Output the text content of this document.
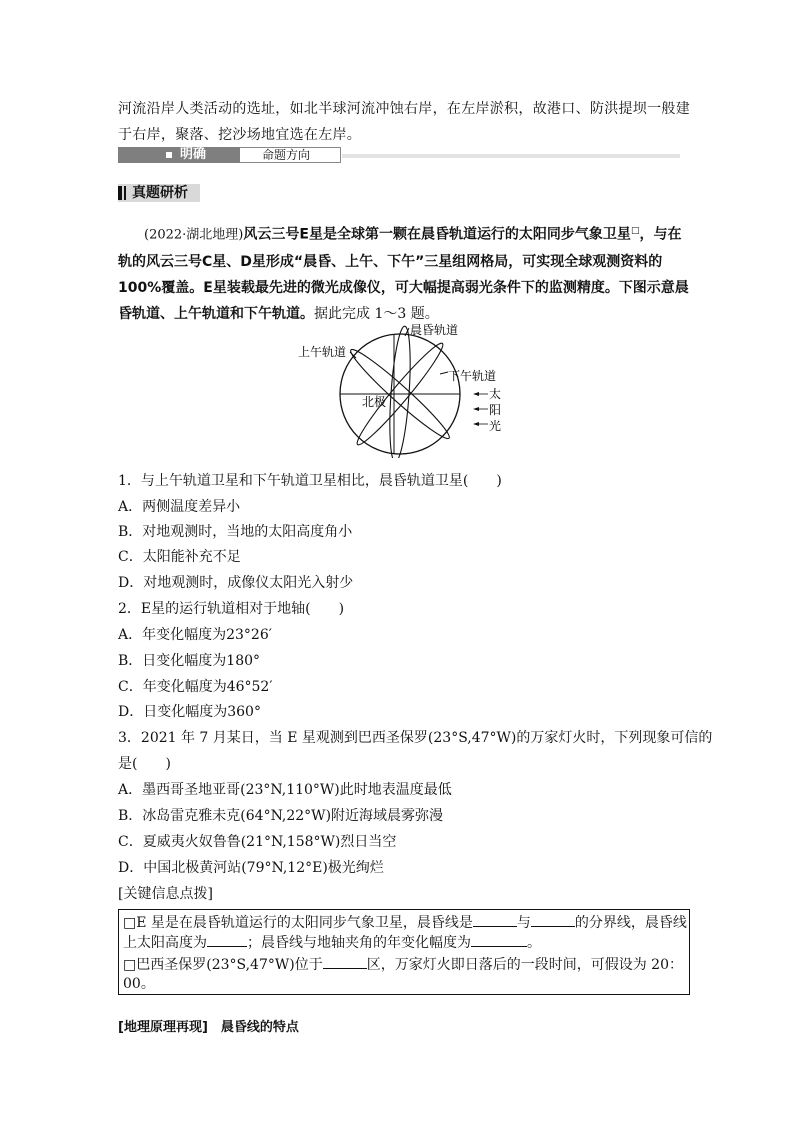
河流沿岸人类活动的选址，如北半球河流冲蚀右岸，在左岸淤积，故港口、防洪提坝一般建于右岸，聚落、挖沙场地宜选在左岸。

明确	命题方向
真题研析

(2022·湖北地理)风云三号E星是全球第一颗在晨昏轨道运行的太阳同步气象卫星□，与在轨的风云三号C星、D星形成“晨昏、上午、下午”三星组网格局，可实现全球观测资料的100%覆盖。E星装载最先进的微光成像仪，可大幅提高弱光条件下的监测精度。下图示意晨昏轨道、上午轨道和下午轨道。据此完成 1～3 题。

晨昏轨道
上午轨道
下午轨道
北极
太
阳
光

1．与上午轨道卫星和下午轨道卫星相比，晨昏轨道卫星(　　)

A．两侧温度差异小

B．对地观测时，当地的太阳高度角小

C．太阳能补充不足

D．对地观测时，成像仪太阳光入射少

2．E星的运行轨道相对于地轴(　　)

A．年变化幅度为23°26′

B．日变化幅度为180°

C．年变化幅度为46°52′

D．日变化幅度为360°

3．2021 年 7 月某日，当 E 星观测到巴西圣保罗(23°S,47°W)的万家灯火时，下列现象可信的

是(　　)

A．墨西哥圣地亚哥(23°N,110°W)此时地表温度最低

B．冰岛雷克雅未克(64°N,22°W)附近海域晨雾弥漫

C．夏威夷火奴鲁鲁(21°N,158°W)烈日当空

D．中国北极黄河站(79°N,12°E)极光绚烂

[关键信息点拨]

□E 星是在晨昏轨道运行的太阳同步气象卫星，晨昏线是	与	的分界线，晨昏线

上太阳高度为	；晨昏线与地轴夹角的年变化幅度为	。

□巴西圣保罗(23°S,47°W)位于	区，万家灯火即日落后的一段时间，可假设为 20：

00。

[地理原理再现]　 晨昏线的特点
